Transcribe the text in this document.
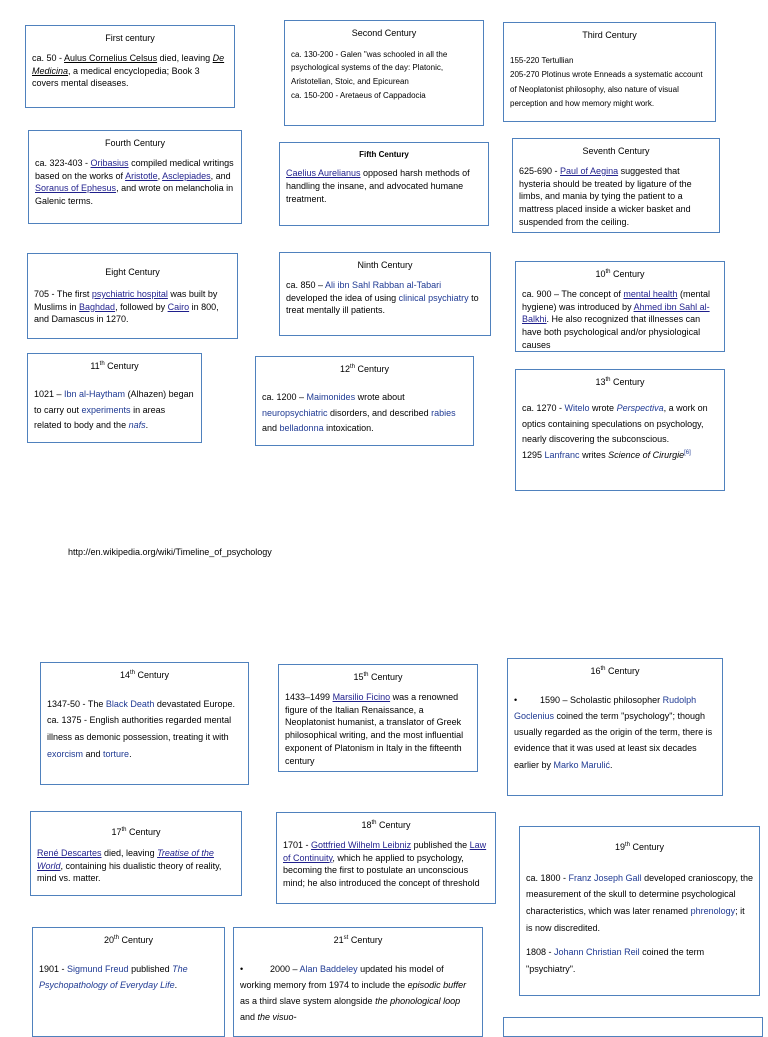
First century

ca. 50 - Aulus Cornelius Celsus died, leaving De Medicina, a medical encyclopedia; Book 3 covers mental diseases.

Second Century

ca. 130-200 - Galen "was schooled in all the psychological systems of the day: Platonic, Aristotelian, Stoic, and Epicurean

ca. 150-200 - Aretaeus of Cappadocia

Third Century

155-220 Tertullian

205-270 Plotinus wrote Enneads a systematic account of Neoplatonist philosophy, also nature of visual perception and how memory might work.

Fourth Century

ca. 323-403 - Oribasius compiled medical writings based on the works of Aristotle, Asclepiades, and Soranus of Ephesus, and wrote on melancholia in Galenic terms.

Fifth Century

Caelius Aurelianus opposed harsh methods of handling the insane, and advocated humane treatment.

Seventh Century

625-690 - Paul of Aegina suggested that hysteria should be treated by ligature of the limbs, and mania by tying the patient to a mattress placed inside a wicker basket and suspended from the ceiling.

Eight Century

705 - The first psychiatric hospital was built by Muslims in Baghdad, followed by Cairo in 800, and Damascus in 1270.

Ninth Century

ca. 850 – Ali ibn Sahl Rabban al-Tabari developed the idea of using clinical psychiatry to treat mentally ill patients.

10th Century

ca. 900 – The concept of mental health (mental hygiene) was introduced by Ahmed ibn Sahl al-Balkhi. He also recognized that illnesses can have both psychological and/or physiological causes

11th Century

1021 – Ibn al-Haytham (Alhazen) began to carry out experiments in areas related to body and the nafs.

12th Century

ca. 1200 – Maimonides wrote about neuropsychiatric disorders, and described rabies and belladonna intoxication.

13th Century

ca. 1270 - Witelo wrote Perspectiva, a work on optics containing speculations on psychology, nearly discovering the subconscious.

1295 Lanfranc writes Science of Cirurgie[6]

http://en.wikipedia.org/wiki/Timeline_of_psychology
14th Century

1347-50 - The Black Death devastated Europe.
ca. 1375 - English authorities regarded mental illness as demonic possession, treating it with exorcism and torture.

15th Century

1433–1499 Marsilio Ficino was a renowned figure of the Italian Renaissance, a Neoplatonist humanist, a translator of Greek philosophical writing, and the most influential exponent of Platonism in Italy in the fifteenth century

16th Century

•	1590 – Scholastic philosopher Rudolph Goclenius coined the term "psychology"; though usually regarded as the origin of the term, there is evidence that it was used at least six decades earlier by Marko Marulić.

17th Century

René Descartes died, leaving Treatise of the World, containing his dualistic theory of reality, mind vs. matter.

18th Century

1701 - Gottfried Wilhelm Leibniz published the Law of Continuity, which he applied to psychology, becoming the first to postulate an unconscious mind; he also introduced the concept of threshold

19th Century

ca. 1800 - Franz Joseph Gall developed cranioscopy, the measurement of the skull to determine psychological characteristics, which was later renamed phrenology; it is now discredited.

1808 - Johann Christian Reil coined the term "psychiatry".

20th Century

1901 - Sigmund Freud published The Psychopathology of Everyday Life.

21st Century

•	2000 – Alan Baddeley updated his model of working memory from 1974 to include the episodic buffer as a third slave system alongside the phonological loop and the visuo-
